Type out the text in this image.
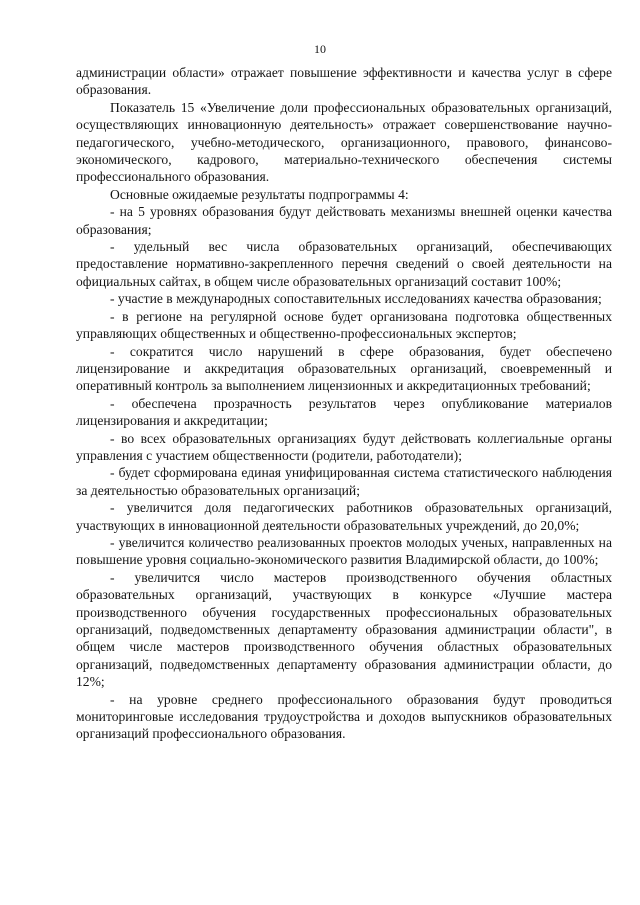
10

администрации области» отражает повышение эффективности и качества услуг в сфере образования.

Показатель 15 «Увеличение доли профессиональных образовательных организаций, осуществляющих инновационную деятельность» отражает совершенствование научно-педагогического, учебно-методического, организационного, правового, финансово-экономического, кадрового, материально-технического обеспечения системы профессионального образования.

Основные ожидаемые результаты подпрограммы 4:

- на 5 уровнях образования будут действовать механизмы внешней оценки качества образования;

- удельный вес числа образовательных организаций, обеспечивающих предоставление нормативно-закрепленного перечня сведений о своей деятельности на официальных сайтах, в общем числе образовательных организаций составит 100%;

- участие в международных сопоставительных исследованиях качества образования;

- в регионе на регулярной основе будет организована подготовка общественных управляющих общественных и общественно-профессиональных экспертов;

- сократится число нарушений в сфере образования, будет обеспечено лицензирование и аккредитация образовательных организаций, своевременный и оперативный контроль за выполнением лицензионных и аккредитационных требований;

- обеспечена прозрачность результатов через опубликование материалов лицензирования и аккредитации;

- во всех образовательных организациях будут действовать коллегиальные органы управления с участием общественности (родители, работодатели);

- будет сформирована единая унифицированная система статистического наблюдения за деятельностью образовательных организаций;

- увеличится доля педагогических работников образовательных организаций, участвующих в инновационной деятельности образовательных учреждений, до 20,0%;

- увеличится количество реализованных проектов молодых ученых, направленных на повышение уровня социально-экономического развития Владимирской области, до 100%;

- увеличится число мастеров производственного обучения областных образовательных организаций, участвующих в конкурсе «Лучшие мастера производственного обучения государственных профессиональных образовательных организаций, подведомственных департаменту образования администрации области", в общем числе мастеров производственного обучения областных образовательных организаций, подведомственных департаменту образования администрации области, до 12%;

- на уровне среднего профессионального образования будут проводиться мониторинговые исследования трудоустройства и доходов выпускников образовательных организаций профессионального образования.
